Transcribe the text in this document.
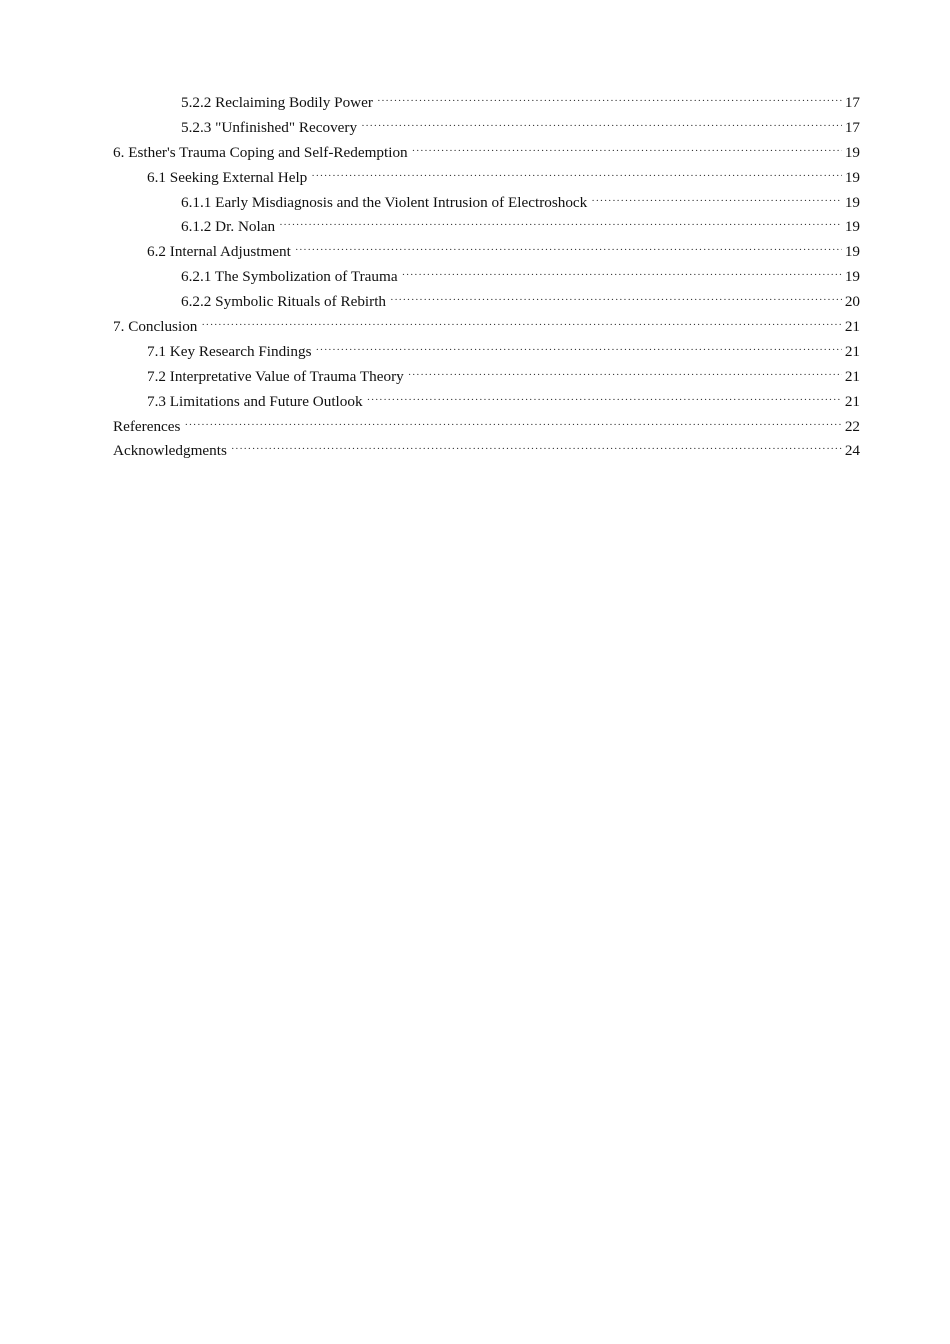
5.2.2 Reclaiming Bodily Power ·····	17
5.2.3 "Unfinished" Recovery ·····	17
6. Esther's Trauma Coping and Self-Redemption ·····	19
6.1 Seeking External Help ·····	19
6.1.1 Early Misdiagnosis and the Violent Intrusion of Electroshock ·····	19
6.1.2 Dr. Nolan ·····	19
6.2 Internal Adjustment ·····	19
6.2.1 The Symbolization of Trauma ·····	19
6.2.2 Symbolic Rituals of Rebirth ·····	20
7. Conclusion ·····	21
7.1 Key Research Findings ·····	21
7.2 Interpretative Value of Trauma Theory ·····	21
7.3 Limitations and Future Outlook ·····	21
References ·····	22
Acknowledgments ·····	24
